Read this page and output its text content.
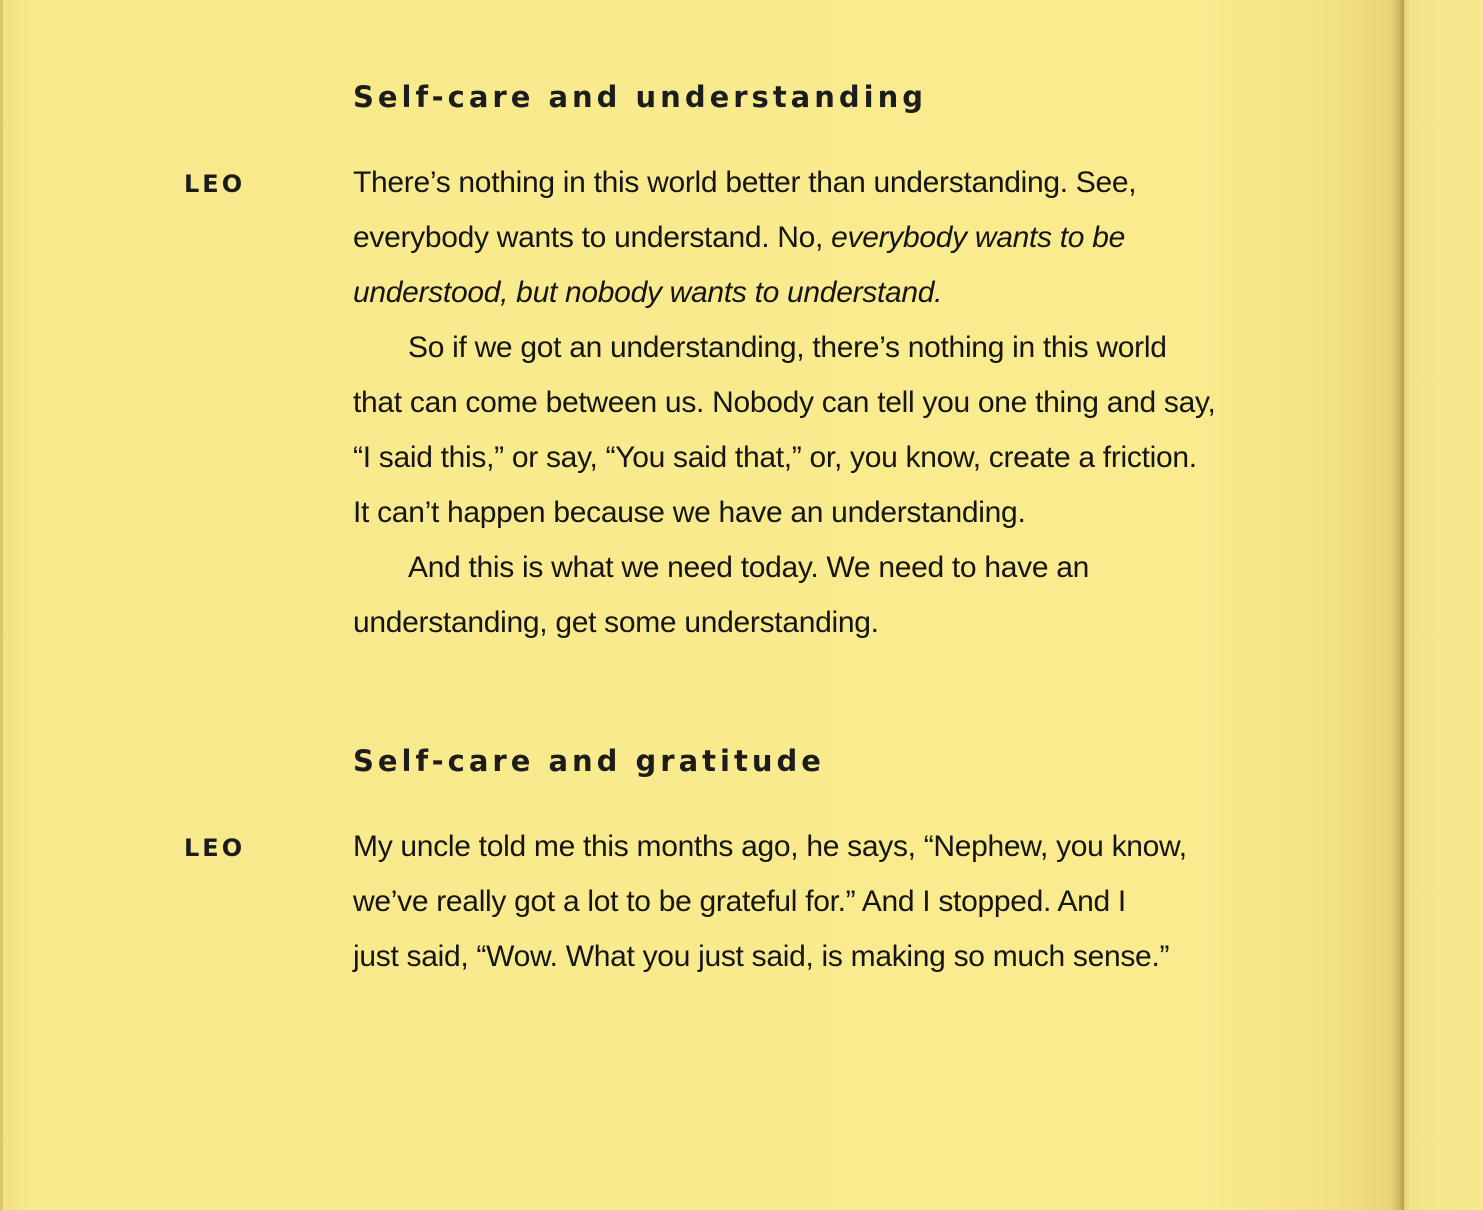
Self-care and understanding
LEO	There’s nothing in this world better than understanding. See,
everybody wants to understand. No, everybody wants to be
understood, but nobody wants to understand.
So if we got an understanding, there’s nothing in this world
that can come between us. Nobody can tell you one thing and say,
“I said this,” or say, “You said that,” or, you know, create a friction.
It can’t happen because we have an understanding.
And this is what we need today. We need to have an
understanding, get some understanding.
Self-care and gratitude
LEO	My uncle told me this months ago, he says, “Nephew, you know,
we’ve really got a lot to be grateful for.” And I stopped. And I
just said, “Wow. What you just said, is making so much sense.”
